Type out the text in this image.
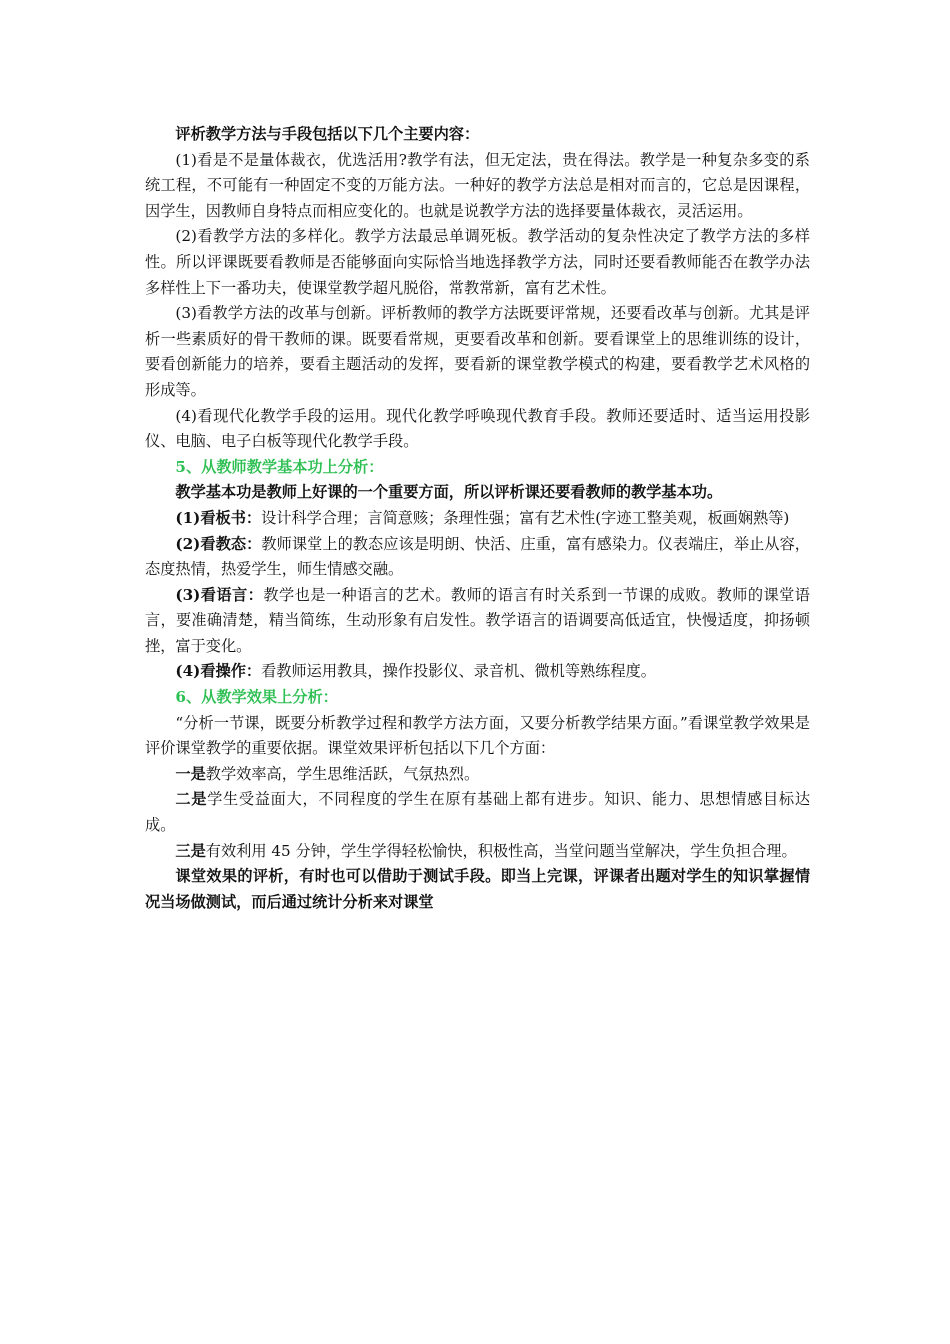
评析教学方法与手段包括以下几个主要内容：

(1)看是不是量体裁衣，优选活用?教学有法，但无定法，贵在得法。教学是一种复杂多变的系统工程，不可能有一种固定不变的万能方法。一种好的教学方法总是相对而言的，它总是因课程，因学生，因教师自身特点而相应变化的。也就是说教学方法的选择要量体裁衣，灵活运用。

(2)看教学方法的多样化。教学方法最忌单调死板。教学活动的复杂性决定了教学方法的多样性。所以评课既要看教师是否能够面向实际恰当地选择教学方法，同时还要看教师能否在教学办法多样性上下一番功夫，使课堂教学超凡脱俗，常教常新，富有艺术性。

(3)看教学方法的改革与创新。评析教师的教学方法既要评常规，还要看改革与创新。尤其是评析一些素质好的骨干教师的课。既要看常规，更要看改革和创新。要看课堂上的思维训练的设计，要看创新能力的培养，要看主题活动的发挥，要看新的课堂教学模式的构建，要看教学艺术风格的形成等。

(4)看现代化教学手段的运用。现代化教学呼唤现代教育手段。教师还要适时、适当运用投影仪、电脑、电子白板等现代化教学手段。

5、从教师教学基本功上分析：

教学基本功是教师上好课的一个重要方面，所以评析课还要看教师的教学基本功。

(1)看板书：设计科学合理；言简意赅；条理性强；富有艺术性(字迹工整美观，板画娴熟等)

(2)看教态：教师课堂上的教态应该是明朗、快活、庄重，富有感染力。仪表端庄，举止从容，态度热情，热爱学生，师生情感交融。

(3)看语言：教学也是一种语言的艺术。教师的语言有时关系到一节课的成败。教师的课堂语言，要准确清楚，精当简练，生动形象有启发性。教学语言的语调要高低适宜，快慢适度，抑扬顿挫，富于变化。

(4)看操作：看教师运用教具，操作投影仪、录音机、微机等熟练程度。

6、从教学效果上分析：

“分析一节课，既要分析教学过程和教学方法方面，又要分析教学结果方面。”看课堂教学效果是评价课堂教学的重要依据。课堂效果评析包括以下几个方面：

一是教学效率高，学生思维活跃，气氛热烈。

二是学生受益面大，不同程度的学生在原有基础上都有进步。知识、能力、思想情感目标达成。

三是有效利用 45 分钟，学生学得轻松愉快，积极性高，当堂问题当堂解决，学生负担合理。

课堂效果的评析，有时也可以借助于测试手段。即当上完课，评课者出题对学生的知识掌握情况当场做测试，而后通过统计分析来对课堂
